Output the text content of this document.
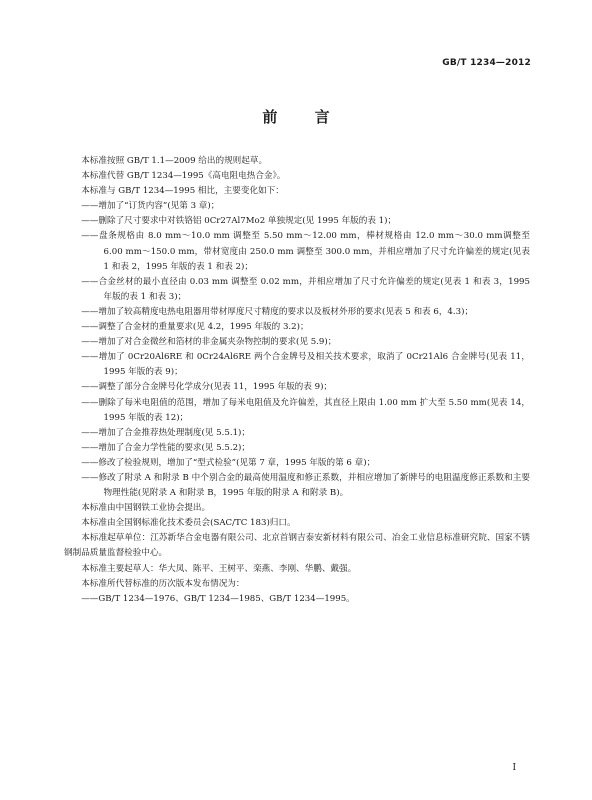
GB/T 1234—2012
前 言

本标准按照 GB/T 1.1—2009 给出的规则起草。

本标准代替 GB/T 1234—1995《高电阻电热合金》。

本标准与 GB/T 1234—1995 相比，主要变化如下：

——增加了“订货内容”(见第 3 章)；

——删除了尺寸要求中对铁铬铝 0Cr27Al7Mo2 单独规定(见 1995 年版的表 1)；

——盘条规格由 8.0 mm～10.0 mm 调整至 5.50 mm～12.00 mm，棒材规格由 12.0 mm～30.0 mm调整至 6.00 mm～150.0 mm，带材宽度由 250.0 mm 调整至 300.0 mm，并相应增加了尺寸允许偏差的规定(见表 1 和表 2，1995 年版的表 1 和表 2)；

——合金丝材的最小直径由 0.03 mm 调整至 0.02 mm，并相应增加了尺寸允许偏差的规定(见表 1 和表 3，1995 年版的表 1 和表 3)；

——增加了较高精度电热电阻器用带材厚度尺寸精度的要求以及板材外形的要求(见表 5 和表 6，4.3)；

——调整了合金材的重量要求(见 4.2，1995 年版的 3.2)；

——增加了对合金微丝和箔材的非金属夹杂物控制的要求(见 5.9)；

——增加了 0Cr20Al6RE 和 0Cr24Al6RE 两个合金牌号及相关技术要求，取消了 0Cr21Al6 合金牌号(见表 11，1995 年版的表 9)；

——调整了部分合金牌号化学成分(见表 11，1995 年版的表 9)；

——删除了每米电阻值的范围，增加了每米电阻值及允许偏差，其直径上限由 1.00 mm 扩大至 5.50 mm(见表 14，1995 年版的表 12)；

——增加了合金推荐热处理制度(见 5.5.1)；

——增加了合金力学性能的要求(见 5.5.2)；

——修改了检验规则，增加了“型式检验”(见第 7 章，1995 年版的第 6 章)；

——修改了附录 A 和附录 B 中个别合金的最高使用温度和修正系数，并相应增加了新牌号的电阻温度修正系数和主要物理性能(见附录 A 和附录 B，1995 年版的附录 A 和附录 B)。

本标准由中国钢铁工业协会提出。

本标准由全国钢标准化技术委员会(SAC/TC 183)归口。

本标准起草单位：江苏新华合金电器有限公司、北京首钢吉泰安新材料有限公司、冶金工业信息标准研究院、国家不锈钢制品质量监督检验中心。

本标准主要起草人：华大凤、陈平、王树平、栾燕、李刚、华鹏、戴强。

本标准所代替标准的历次版本发布情况为：

——GB/T 1234—1976、GB/T 1234—1985、GB/T 1234—1995。

I
